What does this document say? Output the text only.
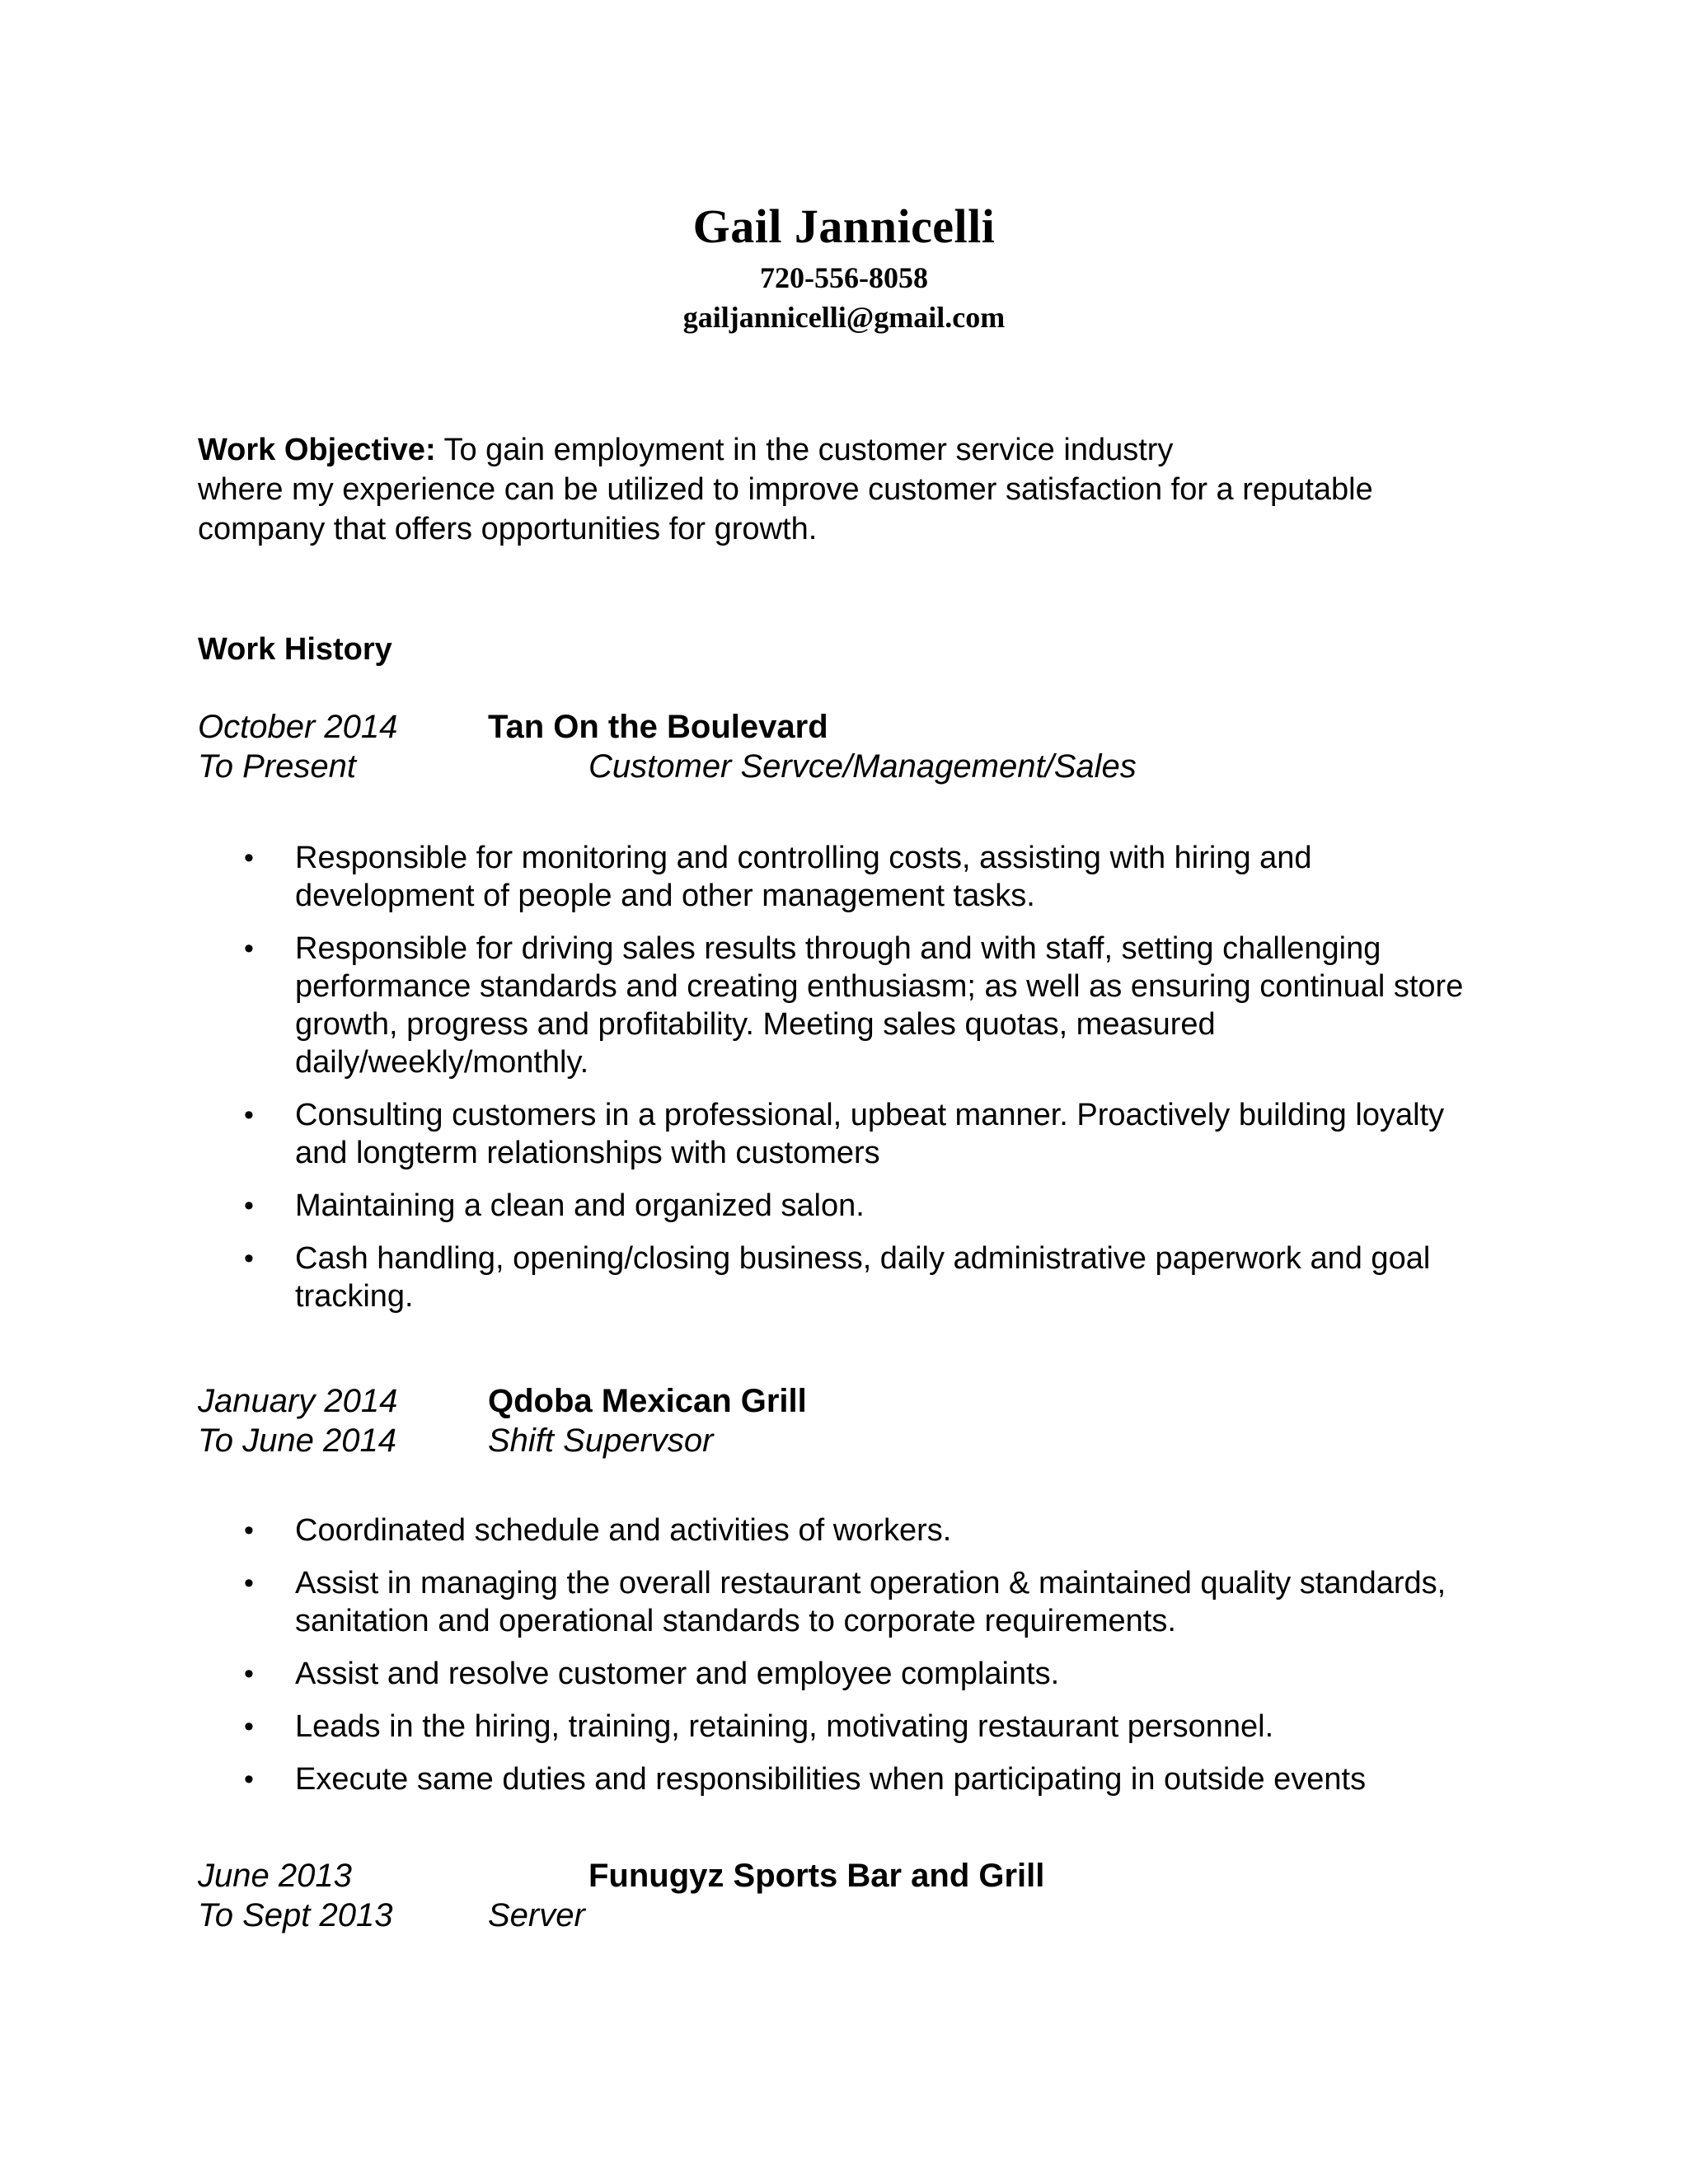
Gail Jannicelli
720-556-8058
gailjannicelli@gmail.com
Work Objective: To gain employment in the customer service industry
where my experience can be utilized to improve customer satisfaction for a reputable
company that offers opportunities for growth.
Work History
October 2014	Tan On the Boulevard
To Present	Customer Servce/Management/Sales
• Responsible for monitoring and controlling costs, assisting with hiring and development of people and other management tasks.
• Responsible for driving sales results through and with staff, setting challenging performance standards and creating enthusiasm; as well as ensuring continual store growth, progress and profitability. Meeting sales quotas, measured daily/weekly/monthly.
• Consulting customers in a professional, upbeat manner. Proactively building loyalty and longterm relationships with customers
• Maintaining a clean and organized salon.
• Cash handling, opening/closing business, daily administrative paperwork and goal tracking.
January 2014	Qdoba Mexican Grill
To June 2014	Shift Supervsor
• Coordinated schedule and activities of workers.
• Assist in managing the overall restaurant operation & maintained quality standards, sanitation and operational standards to corporate requirements.
• Assist and resolve customer and employee complaints.
• Leads in the hiring, training, retaining, motivating restaurant personnel.
• Execute same duties and responsibilities when participating in outside events
June 2013	Funugyz Sports Bar and Grill
To Sept 2013	Server
